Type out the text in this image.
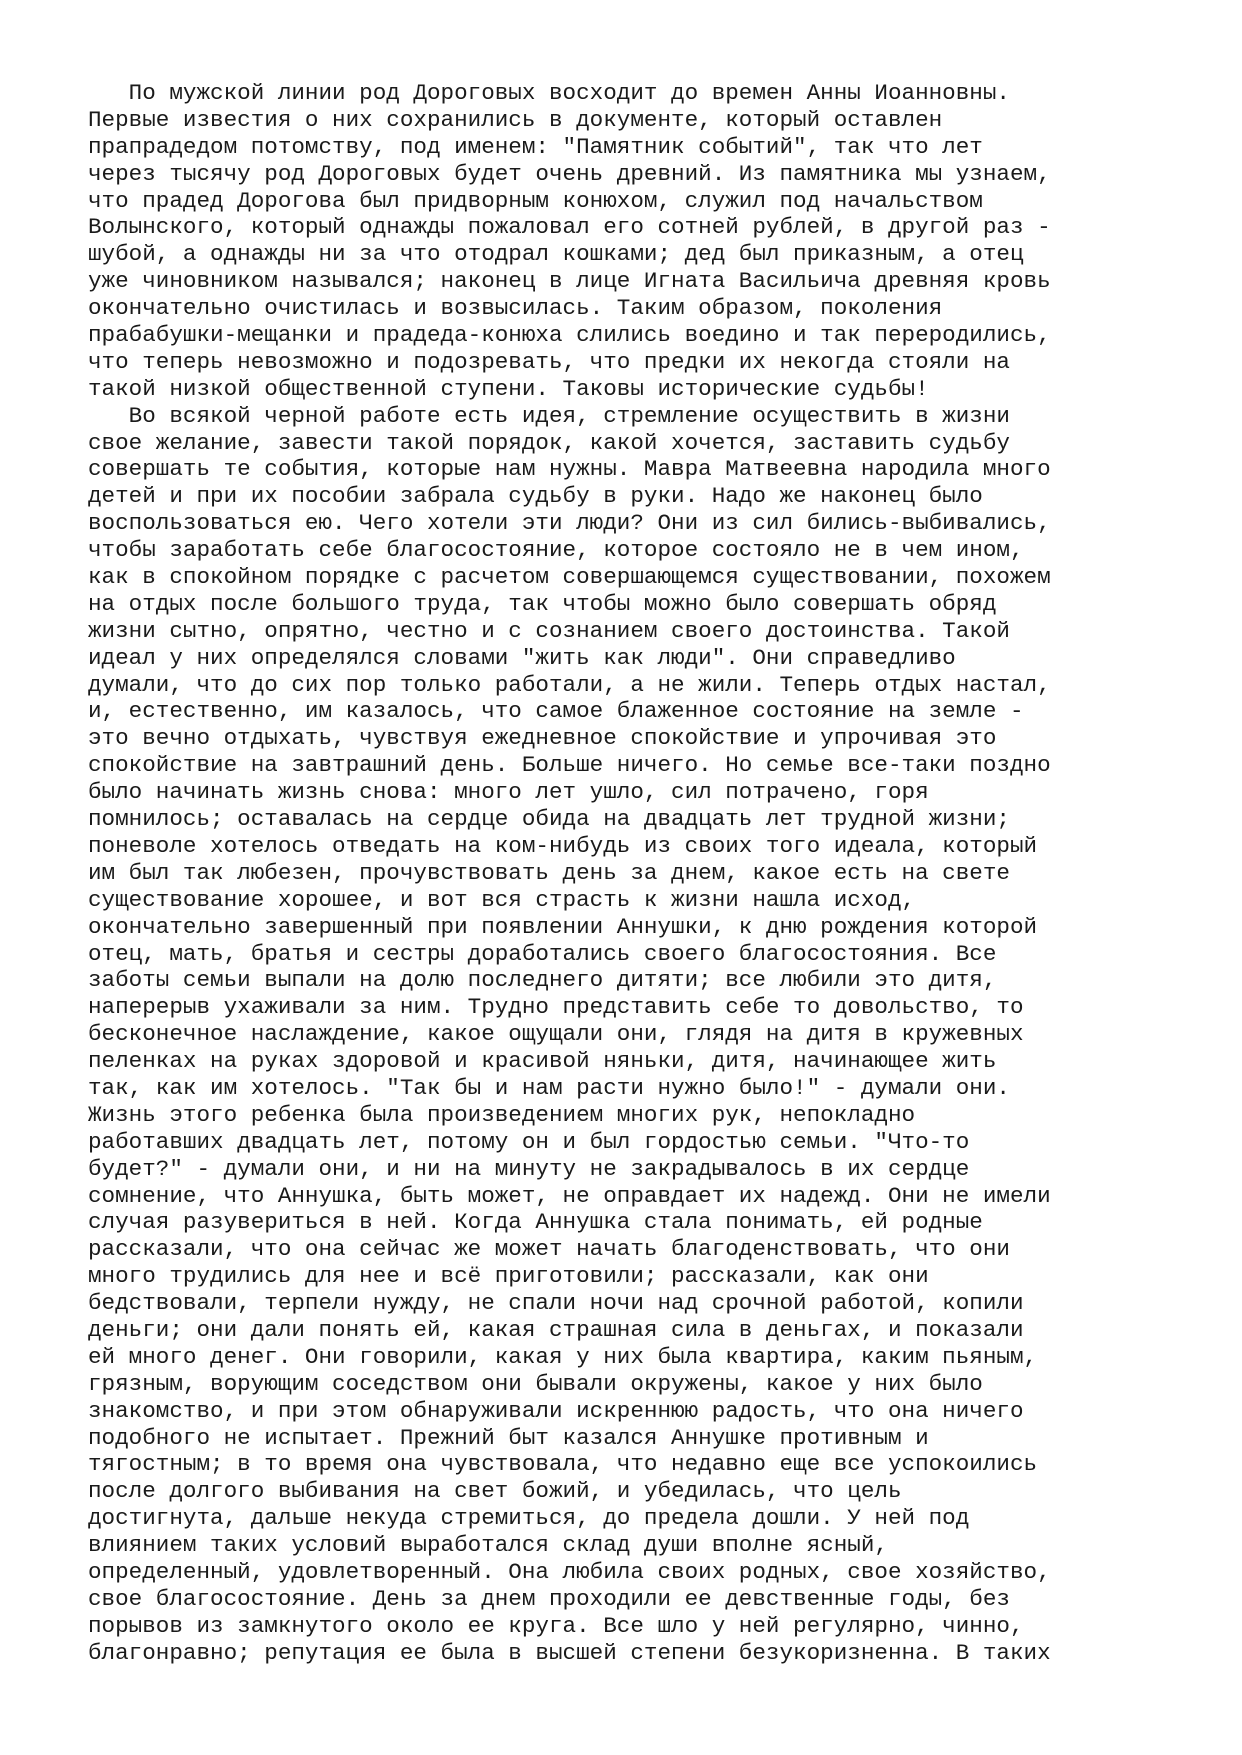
По мужской линии род Дороговых восходит до времен Анны Иоанновны.
Первые известия о них сохранились в документе, который оставлен
прапрадедом потомству, под именем: "Памятник событий", так что лет
через тысячу род Дороговых будет очень древний. Из памятника мы узнаем,
что прадед Дорогова был придворным конюхом, служил под начальством
Волынского, который однажды пожаловал его сотней рублей, в другой раз -
шубой, а однажды ни за что отодрал кошками; дед был приказным, а отец
уже чиновником назывался; наконец в лице Игната Васильича древняя кровь
окончательно очистилась и возвысилась. Таким образом, поколения
прабабушки-мещанки и прадеда-конюха слились воедино и так переродились,
что теперь невозможно и подозревать, что предки их некогда стояли на
такой низкой общественной ступени. Таковы исторические судьбы!
Во всякой черной работе есть идея, стремление осуществить в жизни
свое желание, завести такой порядок, какой хочется, заставить судьбу
совершать те события, которые нам нужны. Мавра Матвеевна народила много
детей и при их пособии забрала судьбу в руки. Надо же наконец было
воспользоваться ею. Чего хотели эти люди? Они из сил бились-выбивались,
чтобы заработать себе благосостояние, которое состояло не в чем ином,
как в спокойном порядке с расчетом совершающемся существовании, похожем
на отдых после большого труда, так чтобы можно было совершать обряд
жизни сытно, опрятно, честно и с сознанием своего достоинства. Такой
идеал у них определялся словами "жить как люди". Они справедливо
думали, что до сих пор только работали, а не жили. Теперь отдых настал,
и, естественно, им казалось, что самое блаженное состояние на земле -
это вечно отдыхать, чувствуя ежедневное спокойствие и упрочивая это
спокойствие на завтрашний день. Больше ничего. Но семье все-таки поздно
было начинать жизнь снова: много лет ушло, сил потрачено, горя
помнилось; оставалась на сердце обида на двадцать лет трудной жизни;
поневоле хотелось отведать на ком-нибудь из своих того идеала, который
им был так любезен, прочувствовать день за днем, какое есть на свете
существование хорошее, и вот вся страсть к жизни нашла исход,
окончательно завершенный при появлении Аннушки, к дню рождения которой
отец, мать, братья и сестры доработались своего благосостояния. Все
заботы семьи выпали на долю последнего дитяти; все любили это дитя,
наперерыв ухаживали за ним. Трудно представить себе то довольство, то
бесконечное наслаждение, какое ощущали они, глядя на дитя в кружевных
пеленках на руках здоровой и красивой няньки, дитя, начинающее жить
так, как им хотелось. "Так бы и нам расти нужно было!" - думали они.
Жизнь этого ребенка была произведением многих рук, непокладно
работавших двадцать лет, потому он и был гордостью семьи. "Что-то
будет?" - думали они, и ни на минуту не закрадывалось в их сердце
сомнение, что Аннушка, быть может, не оправдает их надежд. Они не имели
случая разувериться в ней. Когда Аннушка стала понимать, ей родные
рассказали, что она сейчас же может начать благоденствовать, что они
много трудились для нее и всё приготовили; рассказали, как они
бедствовали, терпели нужду, не спали ночи над срочной работой, копили
деньги; они дали понять ей, какая страшная сила в деньгах, и показали
ей много денег. Они говорили, какая у них была квартира, каким пьяным,
грязным, ворующим соседством они бывали окружены, какое у них было
знакомство, и при этом обнаруживали искреннюю радость, что она ничего
подобного не испытает. Прежний быт казался Аннушке противным и
тягостным; в то время она чувствовала, что недавно еще все успокоились
после долгого выбивания на свет божий, и убедилась, что цель
достигнута, дальше некуда стремиться, до предела дошли. У ней под
влиянием таких условий выработался склад души вполне ясный,
определенный, удовлетворенный. Она любила своих родных, свое хозяйство,
свое благосостояние. День за днем проходили ее девственные годы, без
порывов из замкнутого около ее круга. Все шло у ней регулярно, чинно,
благонравно; репутация ее была в высшей степени безукоризненна. В таких
